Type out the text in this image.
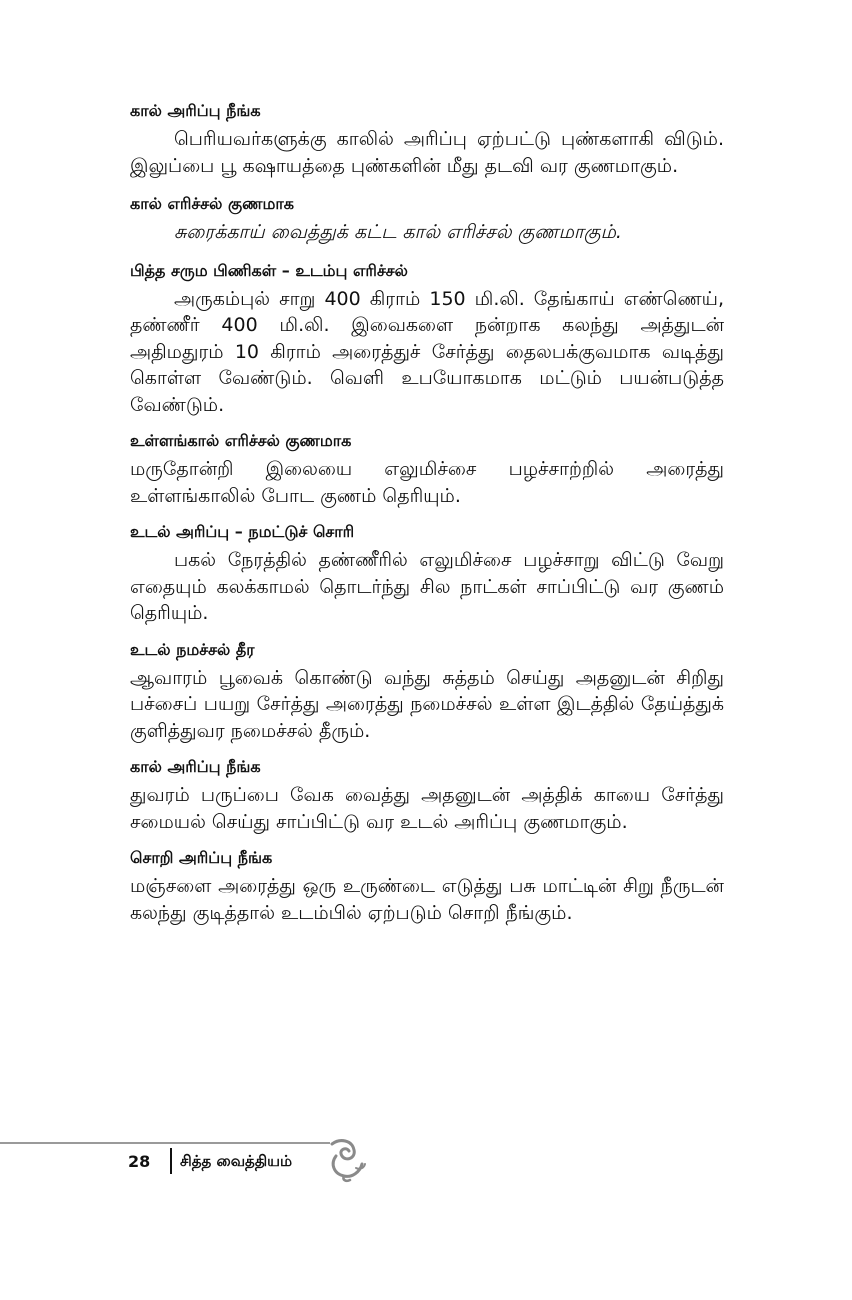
கால் அரிப்பு நீங்க

பெரியவர்களுக்கு காலில் அரிப்பு ஏற்பட்டு புண்களாகி விடும். இலுப்பை பூ கஷாயத்தை புண்களின் மீது தடவி வர குணமாகும்.

கால் எரிச்சல் குணமாக

சுரைக்காய் வைத்துக் கட்ட கால் எரிச்சல் குணமாகும்.

பித்த சரும பிணிகள் – உடம்பு எரிச்சல்

அருகம்புல் சாறு 400 கிராம் 150 மி.லி. தேங்காய் எண்ணெய், தண்ணீர் 400 மி.லி. இவைகளை நன்றாக கலந்து அத்துடன் அதிமதுரம் 10 கிராம் அரைத்துச் சேர்த்து தைலபக்குவமாக வடித்து கொள்ள வேண்டும். வெளி உபயோகமாக மட்டும் பயன்படுத்த வேண்டும்.

உள்ளங்கால் எரிச்சல் குணமாக

மருதோன்றி இலையை எலுமிச்சை பழச்சாற்றில் அரைத்து உள்ளங்காலில் போட குணம் தெரியும்.

உடல் அரிப்பு – நமட்டுச் சொரி

பகல் நேரத்தில் தண்ணீரில் எலுமிச்சை பழச்சாறு விட்டு வேறு எதையும் கலக்காமல் தொடர்ந்து சில நாட்கள் சாப்பிட்டு வர குணம் தெரியும்.

உடல் நமச்சல் தீர

ஆவாரம் பூவைக் கொண்டு வந்து சுத்தம் செய்து அதனுடன் சிறிது பச்சைப் பயறு சேர்த்து அரைத்து நமைச்சல் உள்ள இடத்தில் தேய்த்துக் குளித்துவர நமைச்சல் தீரும்.

கால் அரிப்பு நீங்க

துவரம் பருப்பை வேக வைத்து அதனுடன் அத்திக் காயை சேர்த்து சமையல் செய்து சாப்பிட்டு வர உடல் அரிப்பு குணமாகும்.

சொறி அரிப்பு நீங்க

மஞ்சளை அரைத்து ஒரு உருண்டை எடுத்து பசு மாட்டின் சிறு நீருடன் கலந்து குடித்தால் உடம்பில் ஏற்படும் சொறி நீங்கும்.

28 சித்த வைத்தியம்
